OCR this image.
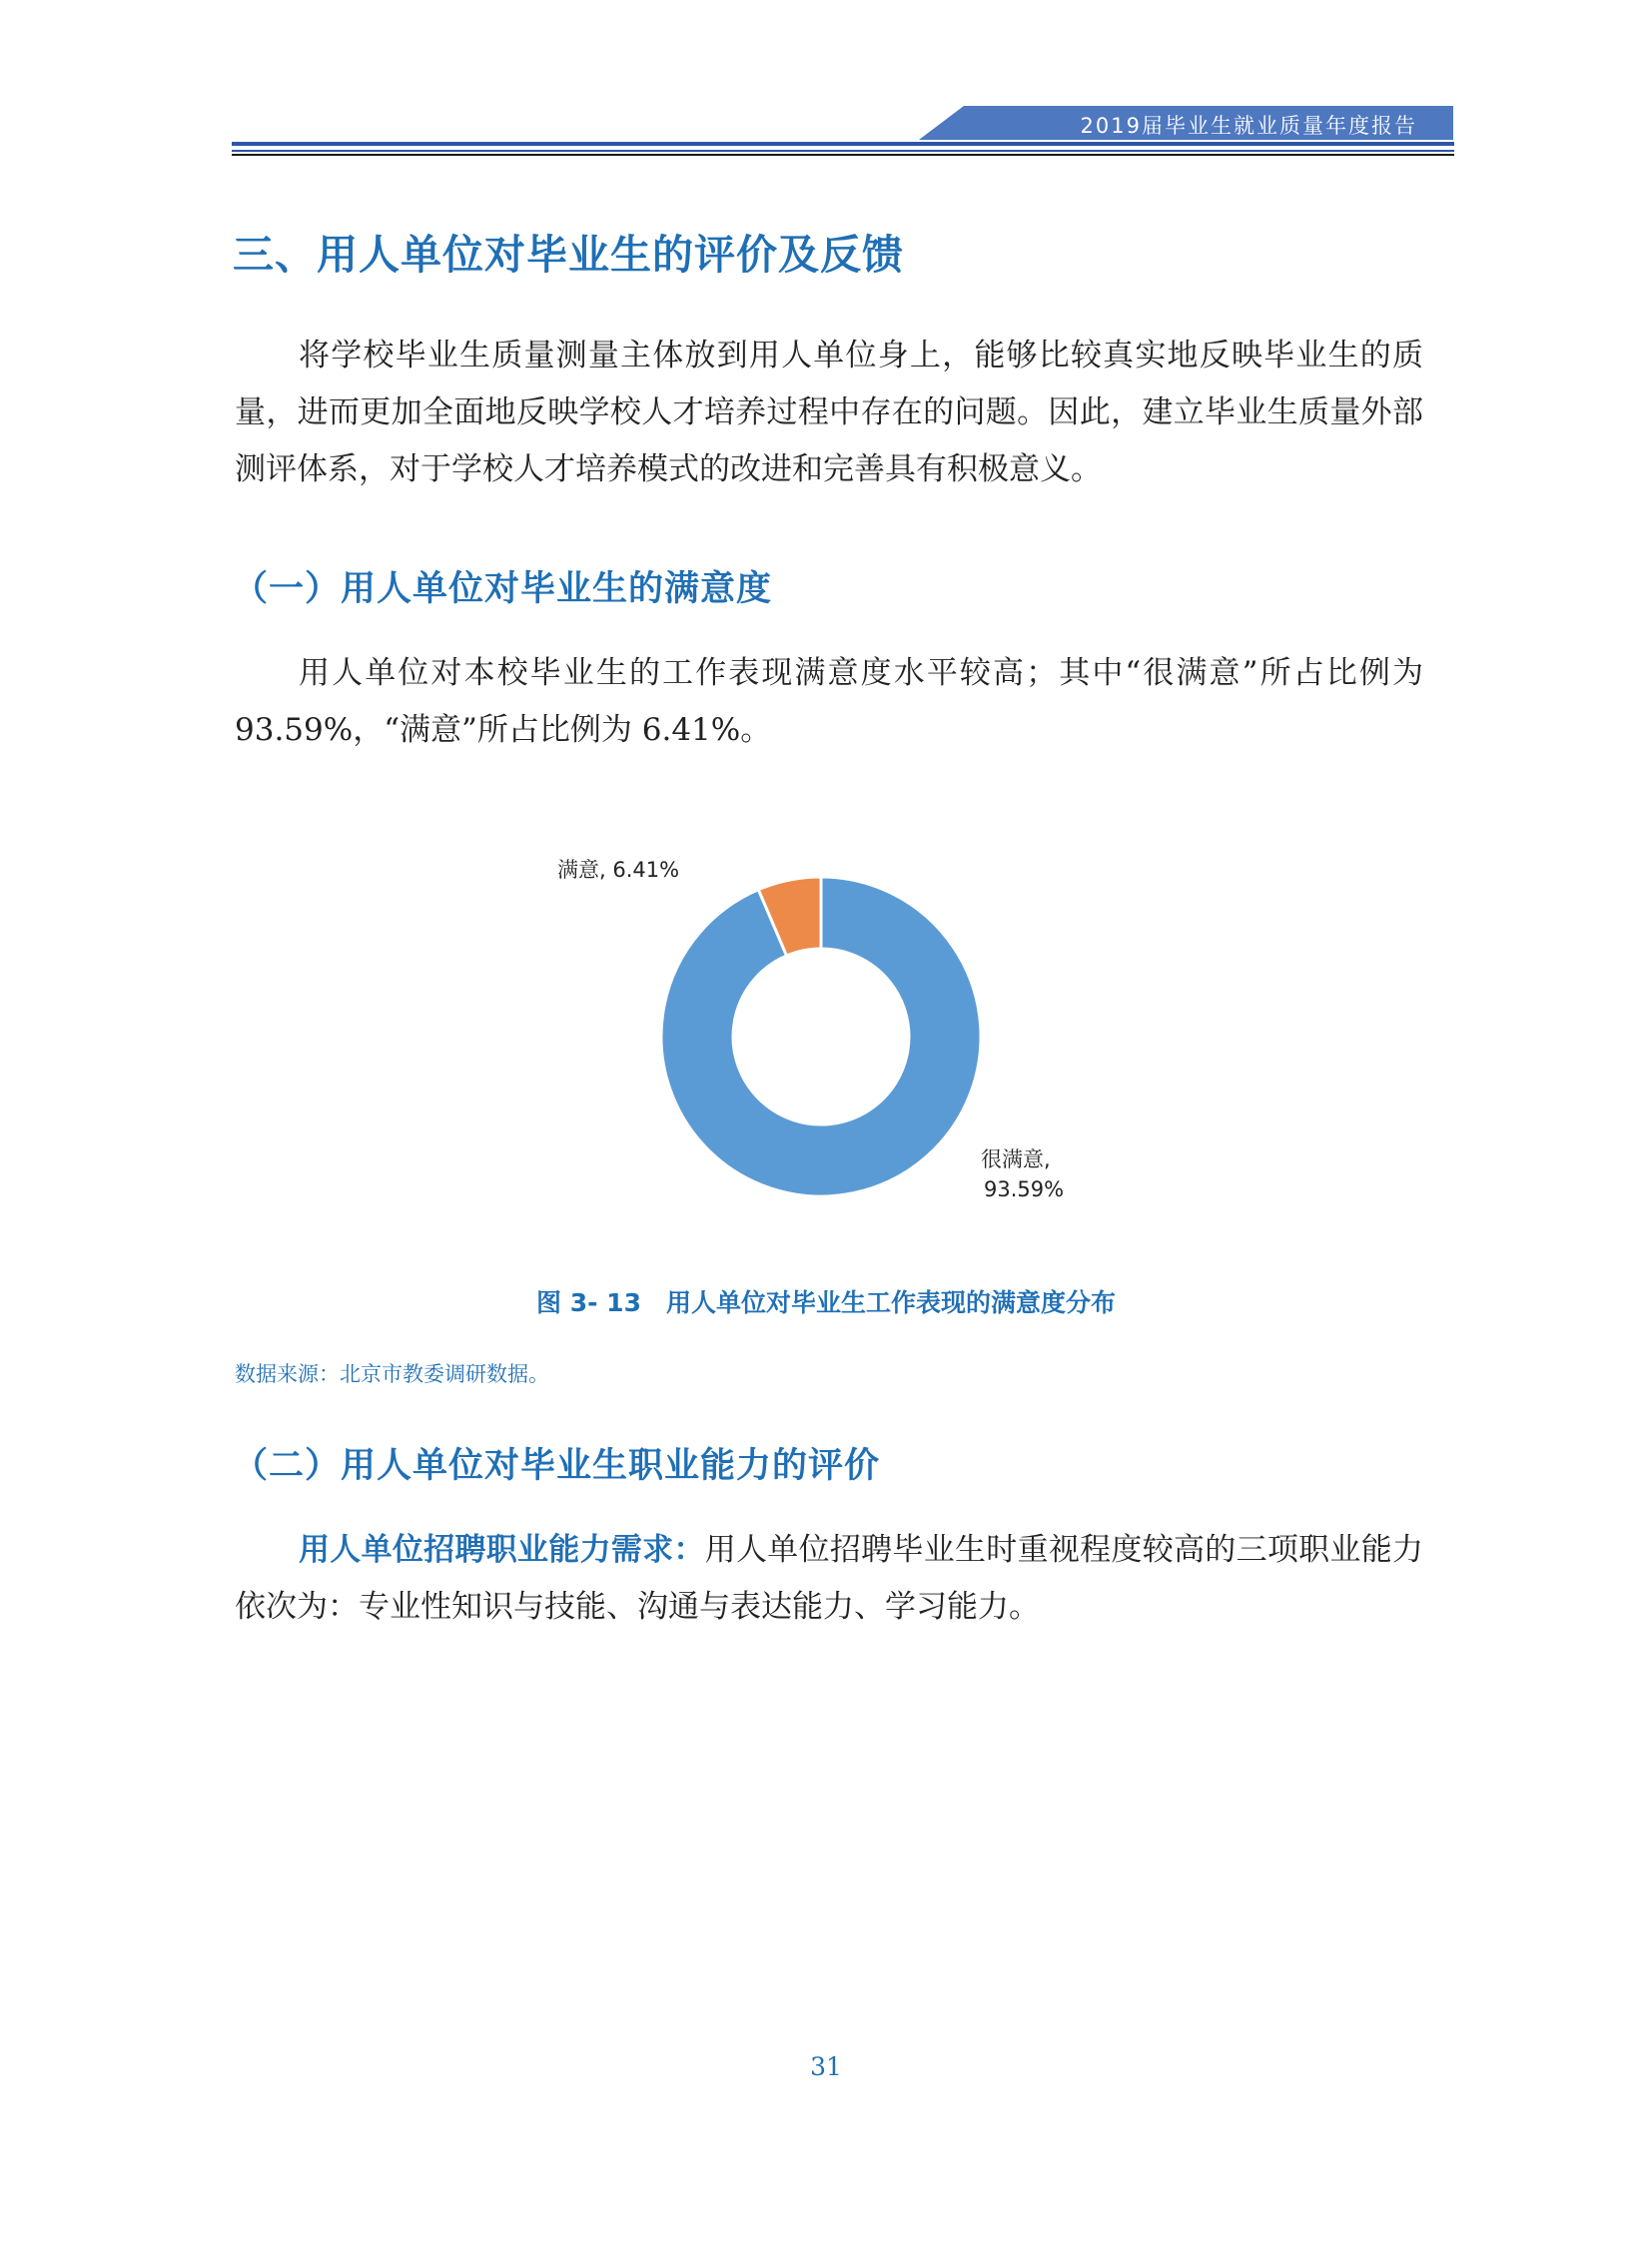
2019届毕业生就业质量年度报告
三、用人单位对毕业生的评价及反馈

将学校毕业生质量测量主体放到用人单位身上，能够比较真实地反映毕业生的质量，进而更加全面地反映学校人才培养过程中存在的问题。因此，建立毕业生质量外部测评体系，对于学校人才培养模式的改进和完善具有积极意义。

（一）用人单位对毕业生的满意度

用人单位对本校毕业生的工作表现满意度水平较高；其中“很满意”所占比例为 93.59%，“满意”所占比例为 6.41%。

满意, 6.41%
很满意,
93.59%

图 3- 13　用人单位对毕业生工作表现的满意度分布

数据来源：北京市教委调研数据。

（二）用人单位对毕业生职业能力的评价

用人单位招聘职业能力需求：用人单位招聘毕业生时重视程度较高的三项职业能力依次为：专业性知识与技能、沟通与表达能力、学习能力。

31
